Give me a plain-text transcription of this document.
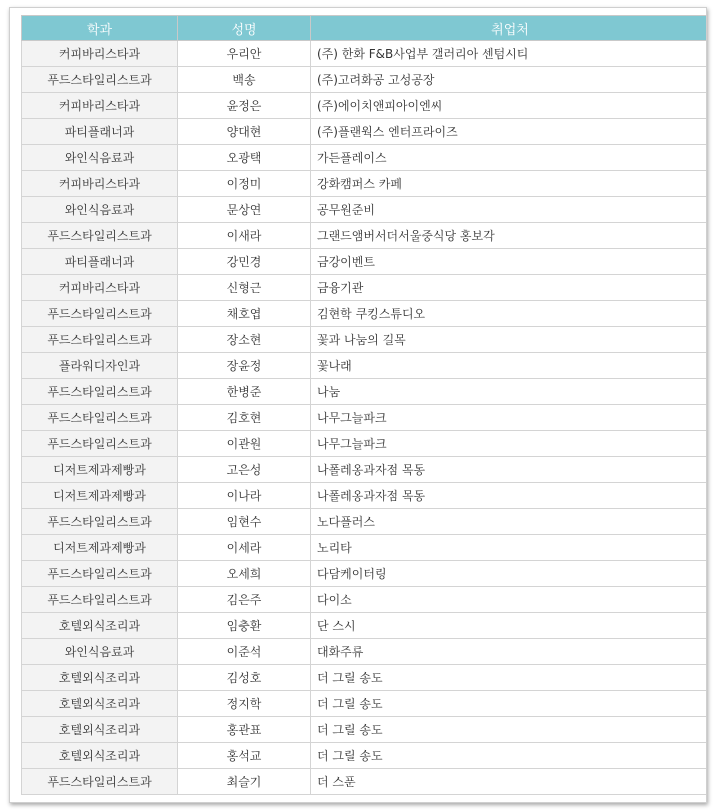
학과	성명	취업처
커피바리스타과	우리안	(주) 한화 F&B사업부 갤러리아 센텀시티
푸드스타일리스트과	백송	(주)고려화공 고성공장
커피바리스타과	윤정은	(주)에이치앤피아이엔씨
파티플래너과	양대현	(주)플랜웍스 엔터프라이즈
와인식음료과	오광택	가든플레이스
커피바리스타과	이정미	강화캠퍼스 카페
와인식음료과	문상연	공무원준비
푸드스타일리스트과	이새라	그랜드앰버서더서울중식당 홍보각
파티플래너과	강민경	금강이벤트
커피바리스타과	신형근	금융기관
푸드스타일리스트과	채호엽	김현학 쿠킹스튜디오
푸드스타일리스트과	장소현	꽃과 나눔의 길목
플라워디자인과	장윤정	꽃나래
푸드스타일리스트과	한병준	나눔
푸드스타일리스트과	김호현	나무그늘파크
푸드스타일리스트과	이관원	나무그늘파크
디저트제과제빵과	고은성	나폴레옹과자점 목동
디저트제과제빵과	이나라	나폴레옹과자점 목동
푸드스타일리스트과	임현수	노다플러스
디저트제과제빵과	이세라	노리타
푸드스타일리스트과	오세희	다담케이터링
푸드스타일리스트과	김은주	다이소
호텔외식조리과	임충환	단 스시
와인식음료과	이준석	대화주류
호텔외식조리과	김성호	더 그릴 송도
호텔외식조리과	정지학	더 그릴 송도
호텔외식조리과	홍관표	더 그릴 송도
호텔외식조리과	홍석교	더 그릴 송도
푸드스타일리스트과	최슬기	더 스푼
